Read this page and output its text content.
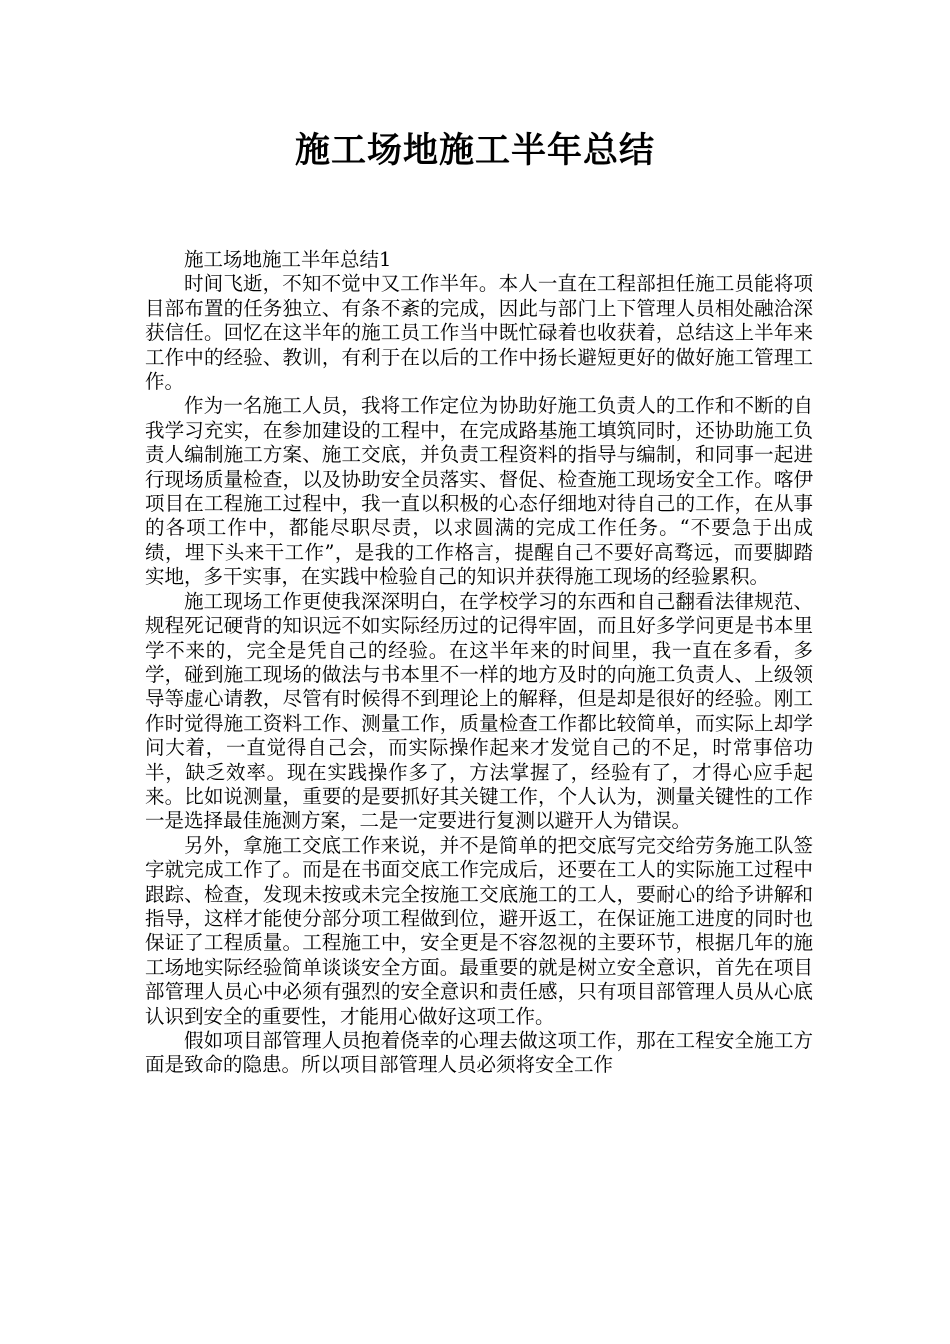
施工场地施工半年总结

施工场地施工半年总结1

时间飞逝，不知不觉中又工作半年。本人一直在工程部担任施工员能将项目部布置的任务独立、有条不紊的完成，因此与部门上下管理人员相处融洽深获信任。回忆在这半年的施工员工作当中既忙碌着也收获着，总结这上半年来工作中的经验、教训，有利于在以后的工作中扬长避短更好的做好施工管理工作。

作为一名施工人员，我将工作定位为协助好施工负责人的工作和不断的自我学习充实，在参加建设的工程中，在完成路基施工填筑同时，还协助施工负责人编制施工方案、施工交底，并负责工程资料的指导与编制，和同事一起进行现场质量检查，以及协助安全员落实、督促、检查施工现场安全工作。喀伊项目在工程施工过程中，我一直以积极的心态仔细地对待自己的工作，在从事的各项工作中，都能尽职尽责，以求圆满的完成工作任务。“不要急于出成绩，埋下头来干工作”，是我的工作格言，提醒自己不要好高骛远，而要脚踏实地，多干实事，在实践中检验自己的知识并获得施工现场的经验累积。

施工现场工作更使我深深明白，在学校学习的东西和自己翻看法律规范、规程死记硬背的知识远不如实际经历过的记得牢固，而且好多学问更是书本里学不来的，完全是凭自己的经验。在这半年来的时间里，我一直在多看，多学，碰到施工现场的做法与书本里不一样的地方及时的向施工负责人、上级领导等虚心请教，尽管有时候得不到理论上的解释，但是却是很好的经验。刚工作时觉得施工资料工作、测量工作，质量检查工作都比较简单，而实际上却学问大着，一直觉得自己会，而实际操作起来才发觉自己的不足，时常事倍功半，缺乏效率。现在实践操作多了，方法掌握了，经验有了，才得心应手起来。比如说测量，重要的是要抓好其关键工作，个人认为，测量关键性的工作一是选择最佳施测方案，二是一定要进行复测以避开人为错误。

另外，拿施工交底工作来说，并不是简单的把交底写完交给劳务施工队签字就完成工作了。而是在书面交底工作完成后，还要在工人的实际施工过程中跟踪、检查，发现未按或未完全按施工交底施工的工人，要耐心的给予讲解和指导，这样才能使分部分项工程做到位，避开返工，在保证施工进度的同时也保证了工程质量。工程施工中，安全更是不容忽视的主要环节，根据几年的施工场地实际经验简单谈谈安全方面。最重要的就是树立安全意识，首先在项目部管理人员心中必须有强烈的安全意识和责任感，只有项目部管理人员从心底认识到安全的重要性，才能用心做好这项工作。

假如项目部管理人员抱着侥幸的心理去做这项工作，那在工程安全施工方面是致命的隐患。所以项目部管理人员必须将安全工作
